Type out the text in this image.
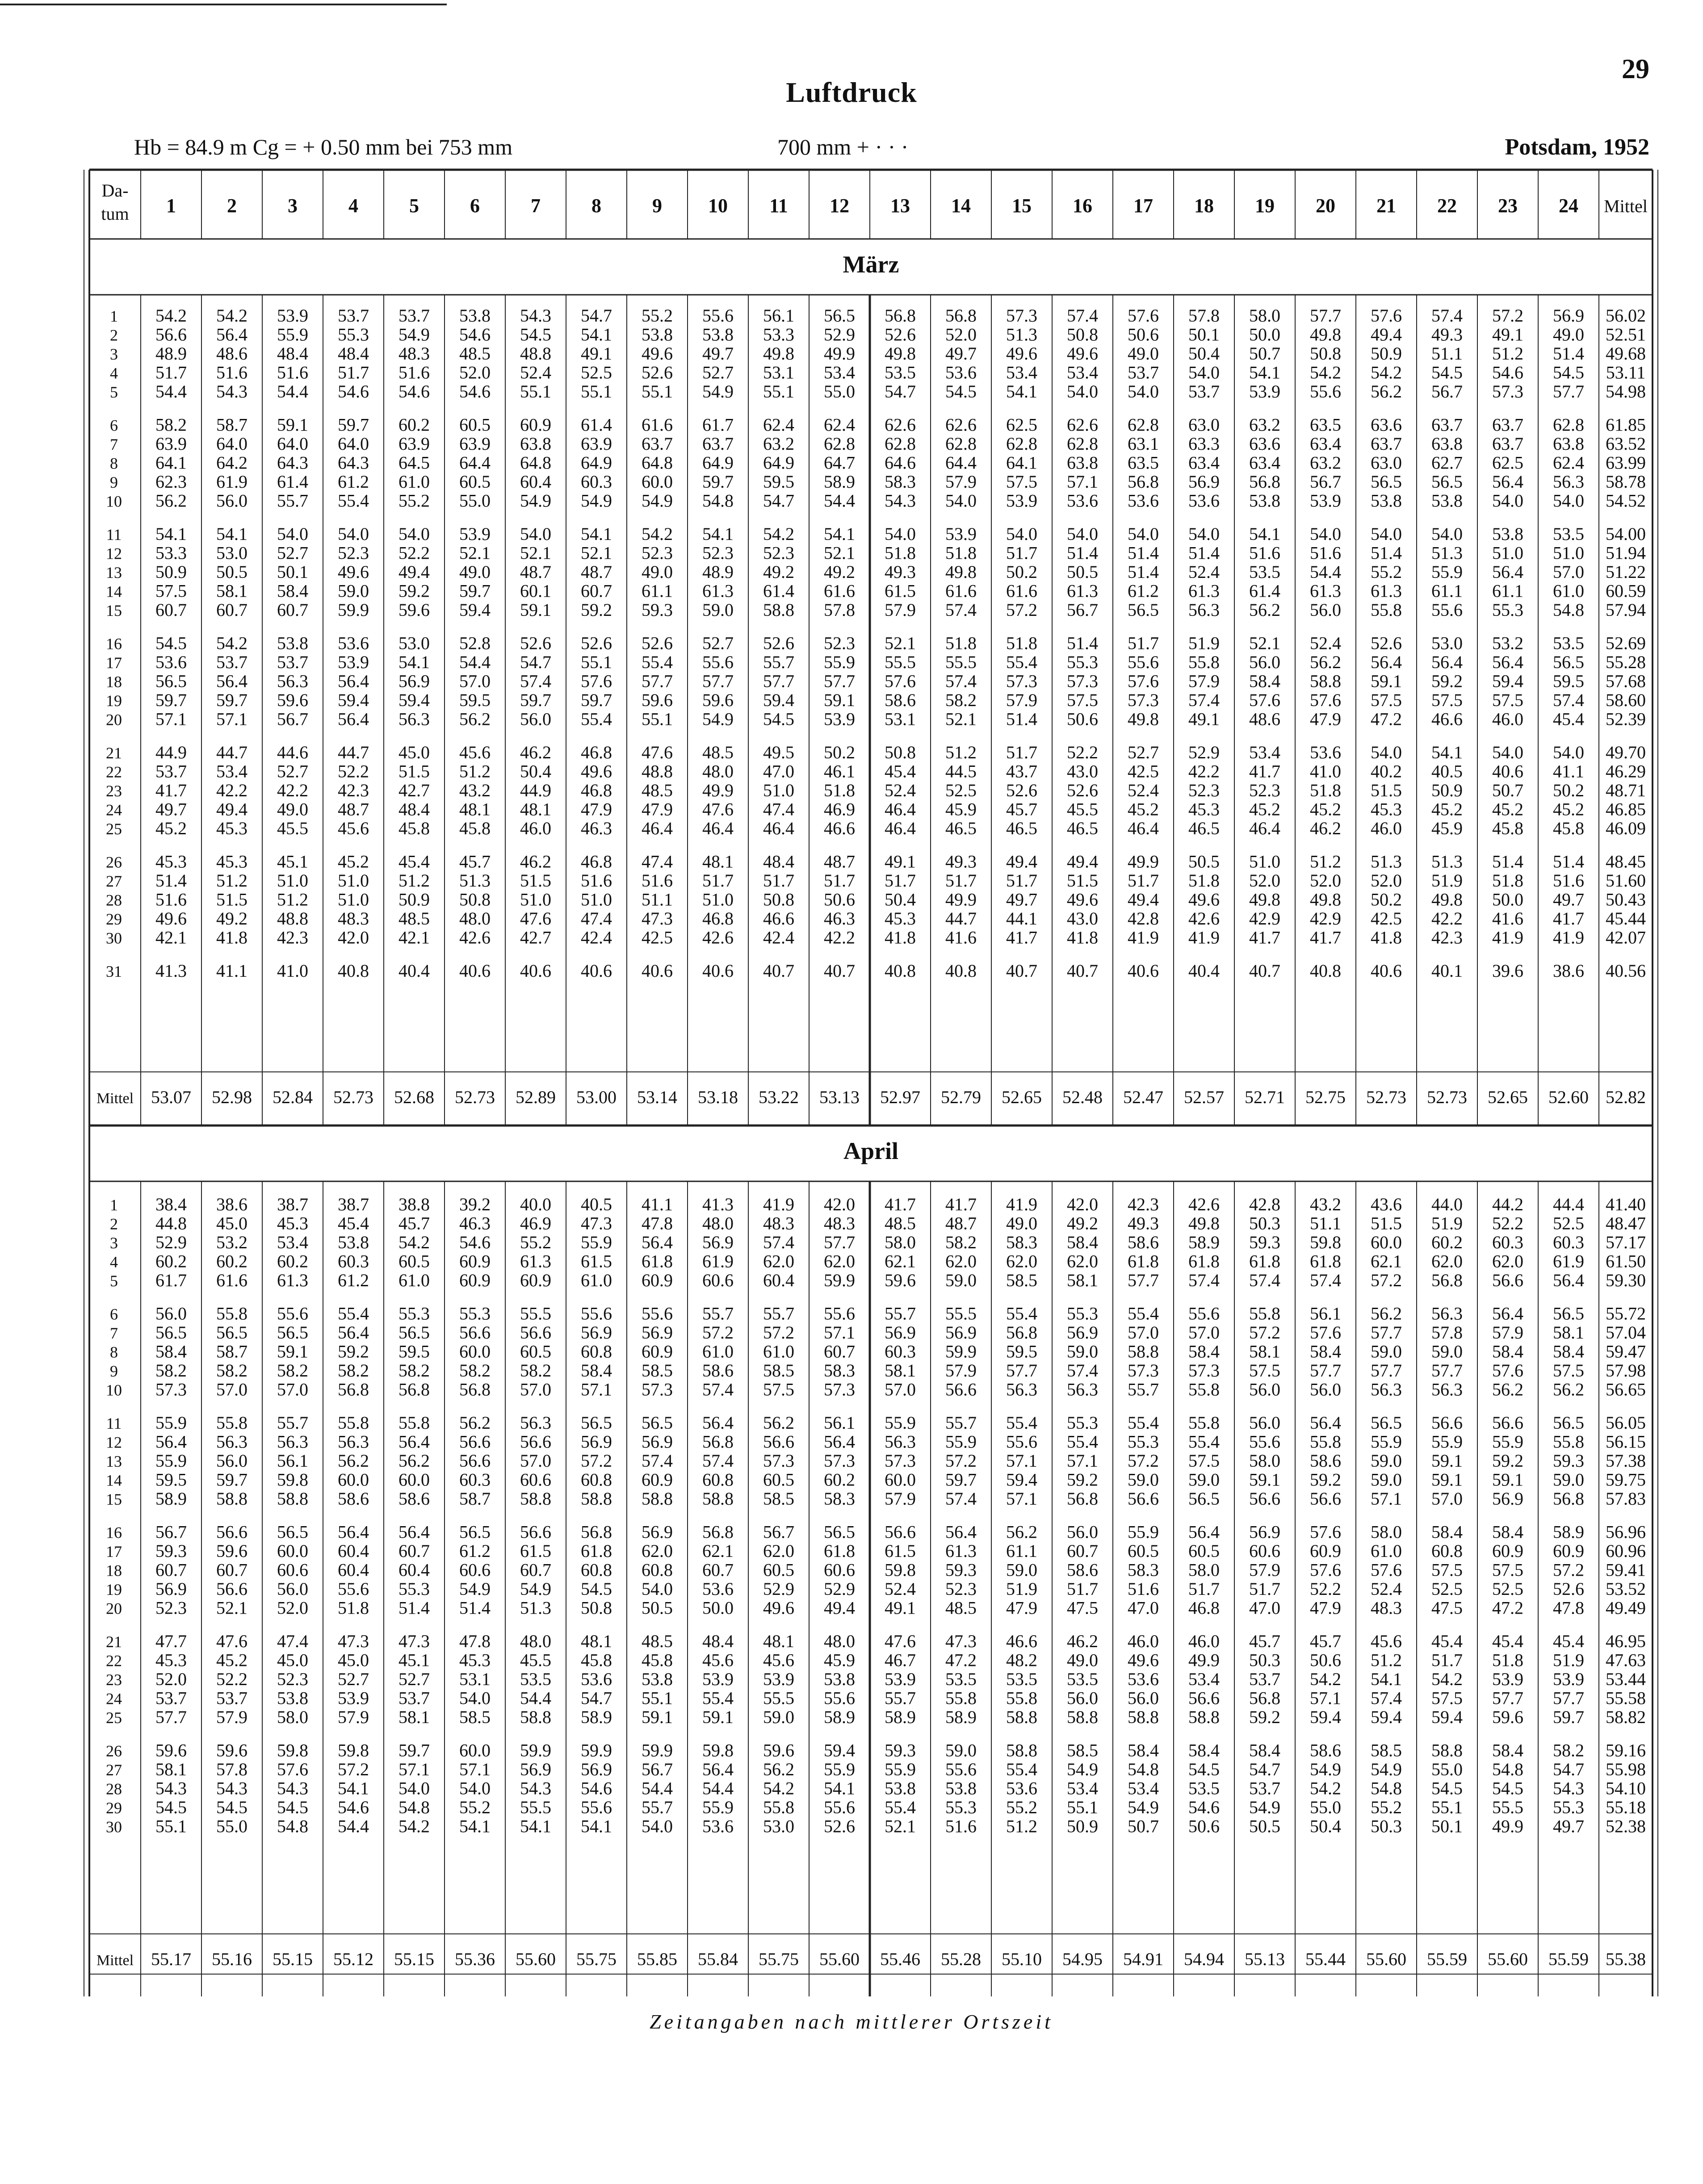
29
Luftdruck
Hb = 84.9 m Cg = + 0.50 mm bei 753 mm	700 mm + · · ·	Potsdam, 1952
Da-
tum 1	2	3	4	5	6	7	8	9 10 11 12 13 14 15 16 17 18 19 20 21 22 23 24 Mittel
März
1 54.2 54.2 53.9 53.7 53.7 53.8 54.3 54.7 55.2 55.6 56.1 56.5 56.8 56.8 57.3 57.4 57.6 57.8 58.0 57.7 57.6 57.4 57.2 56.9 56.02
2 56.6 56.4 55.9 55.3 54.9 54.6 54.5 54.1 53.8 53.8 53.3 52.9 52.6 52.0 51.3 50.8 50.6 50.1 50.0 49.8 49.4 49.3 49.1 49.0 52.51
3 48.9 48.6 48.4 48.4 48.3 48.5 48.8 49.1 49.6 49.7 49.8 49.9 49.8 49.7 49.6 49.6 49.0 50.4 50.7 50.8 50.9 51.1 51.2 51.4 49.68
4 51.7 51.6 51.6 51.7 51.6 52.0 52.4 52.5 52.6 52.7 53.1 53.4 53.5 53.6 53.4 53.4 53.7 54.0 54.1 54.2 54.2 54.5 54.6 54.5 53.11
5 54.4 54.3 54.4 54.6 54.6 54.6 55.1 55.1 55.1 54.9 55.1 55.0 54.7 54.5 54.1 54.0 54.0 53.7 53.9 55.6 56.2 56.7 57.3 57.7 54.98
6 58.2 58.7 59.1 59.7 60.2 60.5 60.9 61.4 61.6 61.7 62.4 62.4 62.6 62.6 62.5 62.6 62.8 63.0 63.2 63.5 63.6 63.7 63.7 62.8 61.85
7 63.9 64.0 64.0 64.0 63.9 63.9 63.8 63.9 63.7 63.7 63.2 62.8 62.8 62.8 62.8 62.8 63.1 63.3 63.6 63.4 63.7 63.8 63.7 63.8 63.52
8 64.1 64.2 64.3 64.3 64.5 64.4 64.8 64.9 64.8 64.9 64.9 64.7 64.6 64.4 64.1 63.8 63.5 63.4 63.4 63.2 63.0 62.7 62.5 62.4 63.99
9 62.3 61.9 61.4 61.2 61.0 60.5 60.4 60.3 60.0 59.7 59.5 58.9 58.3 57.9 57.5 57.1 56.8 56.9 56.8 56.7 56.5 56.5 56.4 56.3 58.78
10 56.2 56.0 55.7 55.4 55.2 55.0 54.9 54.9 54.9 54.8 54.7 54.4 54.3 54.0 53.9 53.6 53.6 53.6 53.8 53.9 53.8 53.8 54.0 54.0 54.52
11 54.1 54.1 54.0 54.0 54.0 53.9 54.0 54.1 54.2 54.1 54.2 54.1 54.0 53.9 54.0 54.0 54.0 54.0 54.1 54.0 54.0 54.0 53.8 53.5 54.00
12 53.3 53.0 52.7 52.3 52.2 52.1 52.1 52.1 52.3 52.3 52.3 52.1 51.8 51.8 51.7 51.4 51.4 51.4 51.6 51.6 51.4 51.3 51.0 51.0 51.94
13 50.9 50.5 50.1 49.6 49.4 49.0 48.7 48.7 49.0 48.9 49.2 49.2 49.3 49.8 50.2 50.5 51.4 52.4 53.5 54.4 55.2 55.9 56.4 57.0 51.22
14 57.5 58.1 58.4 59.0 59.2 59.7 60.1 60.7 61.1 61.3 61.4 61.6 61.5 61.6 61.6 61.3 61.2 61.3 61.4 61.3 61.3 61.1 61.1 61.0 60.59
15 60.7 60.7 60.7 59.9 59.6 59.4 59.1 59.2 59.3 59.0 58.8 57.8 57.9 57.4 57.2 56.7 56.5 56.3 56.2 56.0 55.8 55.6 55.3 54.8 57.94
16 54.5 54.2 53.8 53.6 53.0 52.8 52.6 52.6 52.6 52.7 52.6 52.3 52.1 51.8 51.8 51.4 51.7 51.9 52.1 52.4 52.6 53.0 53.2 53.5 52.69
17 53.6 53.7 53.7 53.9 54.1 54.4 54.7 55.1 55.4 55.6 55.7 55.9 55.5 55.5 55.4 55.3 55.6 55.8 56.0 56.2 56.4 56.4 56.4 56.5 55.28
18 56.5 56.4 56.3 56.4 56.9 57.0 57.4 57.6 57.7 57.7 57.7 57.7 57.6 57.4 57.3 57.3 57.6 57.9 58.4 58.8 59.1 59.2 59.4 59.5 57.68
19 59.7 59.7 59.6 59.4 59.4 59.5 59.7 59.7 59.6 59.6 59.4 59.1 58.6 58.2 57.9 57.5 57.3 57.4 57.6 57.6 57.5 57.5 57.5 57.4 58.60
20 57.1 57.1 56.7 56.4 56.3 56.2 56.0 55.4 55.1 54.9 54.5 53.9 53.1 52.1 51.4 50.6 49.8 49.1 48.6 47.9 47.2 46.6 46.0 45.4 52.39
21 44.9 44.7 44.6 44.7 45.0 45.6 46.2 46.8 47.6 48.5 49.5 50.2 50.8 51.2 51.7 52.2 52.7 52.9 53.4 53.6 54.0 54.1 54.0 54.0 49.70
22 53.7 53.4 52.7 52.2 51.5 51.2 50.4 49.6 48.8 48.0 47.0 46.1 45.4 44.5 43.7 43.0 42.5 42.2 41.7 41.0 40.2 40.5 40.6 41.1 46.29
23 41.7 42.2 42.2 42.3 42.7 43.2 44.9 46.8 48.5 49.9 51.0 51.8 52.4 52.5 52.6 52.6 52.4 52.3 52.3 51.8 51.5 50.9 50.7 50.2 48.71
24 49.7 49.4 49.0 48.7 48.4 48.1 48.1 47.9 47.9 47.6 47.4 46.9 46.4 45.9 45.7 45.5 45.2 45.3 45.2 45.2 45.3 45.2 45.2 45.2 46.85
25 45.2 45.3 45.5 45.6 45.8 45.8 46.0 46.3 46.4 46.4 46.4 46.6 46.4 46.5 46.5 46.5 46.4 46.5 46.4 46.2 46.0 45.9 45.8 45.8 46.09
26 45.3 45.3 45.1 45.2 45.4 45.7 46.2 46.8 47.4 48.1 48.4 48.7 49.1 49.3 49.4 49.4 49.9 50.5 51.0 51.2 51.3 51.3 51.4 51.4 48.45
27 51.4 51.2 51.0 51.0 51.2 51.3 51.5 51.6 51.6 51.7 51.7 51.7 51.7 51.7 51.7 51.5 51.7 51.8 52.0 52.0 52.0 51.9 51.8 51.6 51.60
28 51.6 51.5 51.2 51.0 50.9 50.8 51.0 51.0 51.1 51.0 50.8 50.6 50.4 49.9 49.7 49.6 49.4 49.6 49.8 49.8 50.2 49.8 50.0 49.7 50.43
29 49.6 49.2 48.8 48.3 48.5 48.0 47.6 47.4 47.3 46.8 46.6 46.3 45.3 44.7 44.1 43.0 42.8 42.6 42.9 42.9 42.5 42.2 41.6 41.7 45.44
30 42.1 41.8 42.3 42.0 42.1 42.6 42.7 42.4 42.5 42.6 42.4 42.2 41.8 41.6 41.7 41.8 41.9 41.9 41.7 41.7 41.8 42.3 41.9 41.9 42.07
31 41.3 41.1 41.0 40.8 40.4 40.6 40.6 40.6 40.6 40.6 40.7 40.7 40.8 40.8 40.7 40.7 40.6 40.4 40.7 40.8 40.6 40.1 39.6 38.6 40.56
Mittel 53.07 52.98 52.84 52.73 52.68 52.73 52.89 53.00 53.14 53.18 53.22 53.13 52.97 52.79 52.65 52.48 52.47 52.57 52.71 52.75 52.73 52.73 52.65 52.60 52.82
April
1 38.4 38.6 38.7 38.7 38.8 39.2 40.0 40.5 41.1 41.3 41.9 42.0 41.7 41.7 41.9 42.0 42.3 42.6 42.8 43.2 43.6 44.0 44.2 44.4 41.40
2 44.8 45.0 45.3 45.4 45.7 46.3 46.9 47.3 47.8 48.0 48.3 48.3 48.5 48.7 49.0 49.2 49.3 49.8 50.3 51.1 51.5 51.9 52.2 52.5 48.47
3 52.9 53.2 53.4 53.8 54.2 54.6 55.2 55.9 56.4 56.9 57.4 57.7 58.0 58.2 58.3 58.4 58.6 58.9 59.3 59.8 60.0 60.2 60.3 60.3 57.17
4 60.2 60.2 60.2 60.3 60.5 60.9 61.3 61.5 61.8 61.9 62.0 62.0 62.1 62.0 62.0 62.0 61.8 61.8 61.8 61.8 62.1 62.0 62.0 61.9 61.50
5 61.7 61.6 61.3 61.2 61.0 60.9 60.9 61.0 60.9 60.6 60.4 59.9 59.6 59.0 58.5 58.1 57.7 57.4 57.4 57.4 57.2 56.8 56.6 56.4 59.30
6 56.0 55.8 55.6 55.4 55.3 55.3 55.5 55.6 55.6 55.7 55.7 55.6 55.7 55.5 55.4 55.3 55.4 55.6 55.8 56.1 56.2 56.3 56.4 56.5 55.72
7 56.5 56.5 56.5 56.4 56.5 56.6 56.6 56.9 56.9 57.2 57.2 57.1 56.9 56.9 56.8 56.9 57.0 57.0 57.2 57.6 57.7 57.8 57.9 58.1 57.04
8 58.4 58.7 59.1 59.2 59.5 60.0 60.5 60.8 60.9 61.0 61.0 60.7 60.3 59.9 59.5 59.0 58.8 58.4 58.1 58.4 59.0 59.0 58.4 58.4 59.47
9 58.2 58.2 58.2 58.2 58.2 58.2 58.2 58.4 58.5 58.6 58.5 58.3 58.1 57.9 57.7 57.4 57.3 57.3 57.5 57.7 57.7 57.7 57.6 57.5 57.98
10 57.3 57.0 57.0 56.8 56.8 56.8 57.0 57.1 57.3 57.4 57.5 57.3 57.0 56.6 56.3 56.3 55.7 55.8 56.0 56.0 56.3 56.3 56.2 56.2 56.65
11 55.9 55.8 55.7 55.8 55.8 56.2 56.3 56.5 56.5 56.4 56.2 56.1 55.9 55.7 55.4 55.3 55.4 55.8 56.0 56.4 56.5 56.6 56.6 56.5 56.05
12 56.4 56.3 56.3 56.3 56.4 56.6 56.6 56.9 56.9 56.8 56.6 56.4 56.3 55.9 55.6 55.4 55.3 55.4 55.6 55.8 55.9 55.9 55.9 55.8 56.15
13 55.9 56.0 56.1 56.2 56.2 56.6 57.0 57.2 57.4 57.4 57.3 57.3 57.3 57.2 57.1 57.1 57.2 57.5 58.0 58.6 59.0 59.1 59.2 59.3 57.38
14 59.5 59.7 59.8 60.0 60.0 60.3 60.6 60.8 60.9 60.8 60.5 60.2 60.0 59.7 59.4 59.2 59.0 59.0 59.1 59.2 59.0 59.1 59.1 59.0 59.75
15 58.9 58.8 58.8 58.6 58.6 58.7 58.8 58.8 58.8 58.8 58.5 58.3 57.9 57.4 57.1 56.8 56.6 56.5 56.6 56.6 57.1 57.0 56.9 56.8 57.83
16 56.7 56.6 56.5 56.4 56.4 56.5 56.6 56.8 56.9 56.8 56.7 56.5 56.6 56.4 56.2 56.0 55.9 56.4 56.9 57.6 58.0 58.4 58.4 58.9 56.96
17 59.3 59.6 60.0 60.4 60.7 61.2 61.5 61.8 62.0 62.1 62.0 61.8 61.5 61.3 61.1 60.7 60.5 60.5 60.6 60.9 61.0 60.8 60.9 60.9 60.96
18 60.7 60.7 60.6 60.4 60.4 60.6 60.7 60.8 60.8 60.7 60.5 60.6 59.8 59.3 59.0 58.6 58.3 58.0 57.9 57.6 57.6 57.5 57.5 57.2 59.41
19 56.9 56.6 56.0 55.6 55.3 54.9 54.9 54.5 54.0 53.6 52.9 52.9 52.4 52.3 51.9 51.7 51.6 51.7 51.7 52.2 52.4 52.5 52.5 52.6 53.52
20 52.3 52.1 52.0 51.8 51.4 51.4 51.3 50.8 50.5 50.0 49.6 49.4 49.1 48.5 47.9 47.5 47.0 46.8 47.0 47.9 48.3 47.5 47.2 47.8 49.49
21 47.7 47.6 47.4 47.3 47.3 47.8 48.0 48.1 48.5 48.4 48.1 48.0 47.6 47.3 46.6 46.2 46.0 46.0 45.7 45.7 45.6 45.4 45.4 45.4 46.95
22 45.3 45.2 45.0 45.0 45.1 45.3 45.5 45.8 45.8 45.6 45.6 45.9 46.7 47.2 48.2 49.0 49.6 49.9 50.3 50.6 51.2 51.7 51.8 51.9 47.63
23 52.0 52.2 52.3 52.7 52.7 53.1 53.5 53.6 53.8 53.9 53.9 53.8 53.9 53.5 53.5 53.5 53.6 53.4 53.7 54.2 54.1 54.2 53.9 53.9 53.44
24 53.7 53.7 53.8 53.9 53.7 54.0 54.4 54.7 55.1 55.4 55.5 55.6 55.7 55.8 55.8 56.0 56.0 56.6 56.8 57.1 57.4 57.5 57.7 57.7 55.58
25 57.7 57.9 58.0 57.9 58.1 58.5 58.8 58.9 59.1 59.1 59.0 58.9 58.9 58.9 58.8 58.8 58.8 58.8 59.2 59.4 59.4 59.4 59.6 59.7 58.82
26 59.6 59.6 59.8 59.8 59.7 60.0 59.9 59.9 59.9 59.8 59.6 59.4 59.3 59.0 58.8 58.5 58.4 58.4 58.4 58.6 58.5 58.8 58.4 58.2 59.16
27 58.1 57.8 57.6 57.2 57.1 57.1 56.9 56.9 56.7 56.4 56.2 55.9 55.9 55.6 55.4 54.9 54.8 54.5 54.7 54.9 54.9 55.0 54.8 54.7 55.98
28 54.3 54.3 54.3 54.1 54.0 54.0 54.3 54.6 54.4 54.4 54.2 54.1 53.8 53.8 53.6 53.4 53.4 53.5 53.7 54.2 54.8 54.5 54.5 54.3 54.10
29 54.5 54.5 54.5 54.6 54.8 55.2 55.5 55.6 55.7 55.9 55.8 55.6 55.4 55.3 55.2 55.1 54.9 54.6 54.9 55.0 55.2 55.1 55.5 55.3 55.18
30 55.1 55.0 54.8 54.4 54.2 54.1 54.1 54.1 54.0 53.6 53.0 52.6 52.1 51.6 51.2 50.9 50.7 50.6 50.5 50.4 50.3 50.1 49.9 49.7 52.38
Mittel 55.17 55.16 55.15 55.12 55.15 55.36 55.60 55.75 55.85 55.84 55.75 55.60 55.46 55.28 55.10 54.95 54.91 54.94 55.13 55.44 55.60 55.59 55.60 55.59 55.38
Zeitangaben nach mittlerer Ortszeit
